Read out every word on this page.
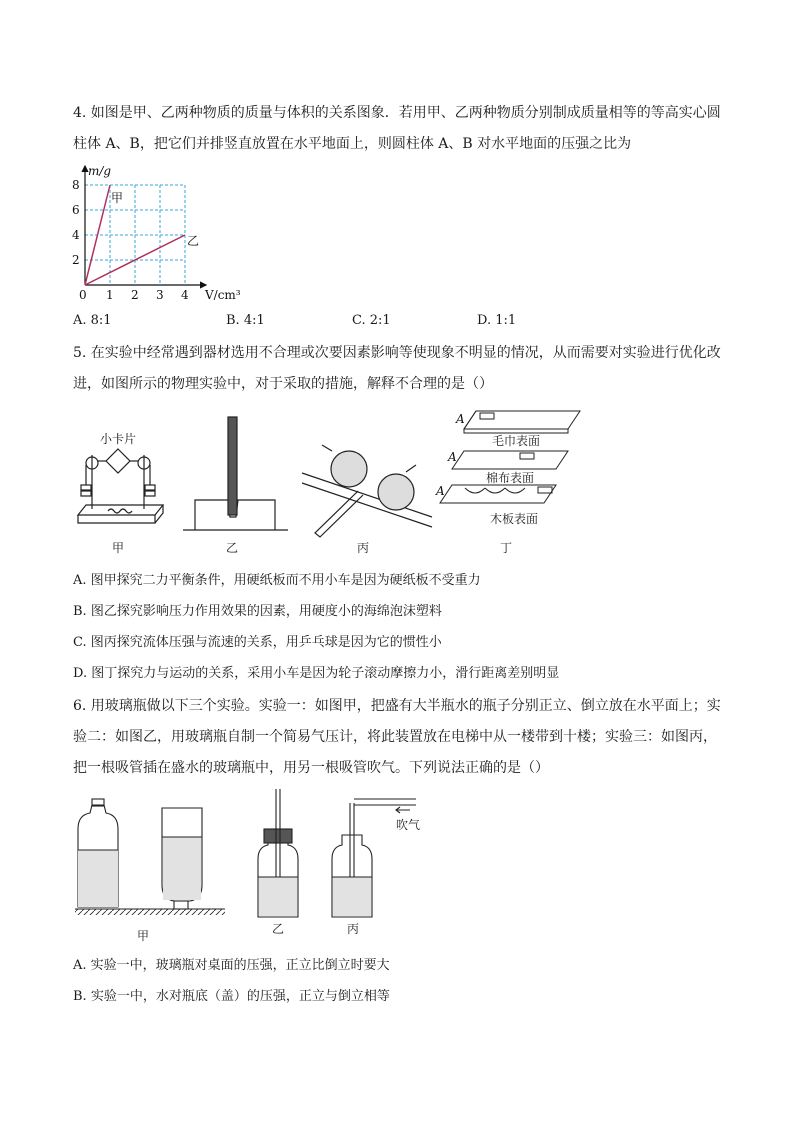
4. 如图是甲、乙两种物质的质量与体积的关系图象．若用甲、乙两种物质分别制成质量相等的等高实心圆
柱体 A、B，把它们并排竖直放置在水平地面上，则圆柱体 A、B 对水平地面的压强之比为
m/g
V/cm³
0
2
4
6
8
1 2 3 4
甲
乙
A. 8:1	B. 4:1	C. 2:1	D. 1:1
5. 在实验中经常遇到器材选用不合理或次要因素影响等使现象不明显的情况，从而需要对实验进行优化改
进，如图所示的物理实验中，对于采取的措施，解释不合理的是（）
小卡片
甲	乙	丙
A
A
A
毛巾表面
棉布表面
木板表面
丁
A. 图甲探究二力平衡条件，用硬纸板而不用小车是因为硬纸板不受重力
B. 图乙探究影响压力作用效果的因素，用硬度小的海绵泡沫塑料
C. 图丙探究流体压强与流速的关系，用乒乓球是因为它的惯性小
D. 图丁探究力与运动的关系，采用小车是因为轮子滚动摩擦力小，滑行距离差别明显
6. 用玻璃瓶做以下三个实验。实验一：如图甲，把盛有大半瓶水的瓶子分别正立、倒立放在水平面上；实
验二：如图乙，用玻璃瓶自制一个简易气压计，将此装置放在电梯中从一楼带到十楼；实验三：如图丙，
把一根吸管插在盛水的玻璃瓶中，用另一根吸管吹气。下列说法正确的是（）
甲	乙
吹气
丙
A. 实验一中，玻璃瓶对桌面的压强，正立比倒立时要大
B. 实验一中，水对瓶底（盖）的压强，正立与倒立相等
